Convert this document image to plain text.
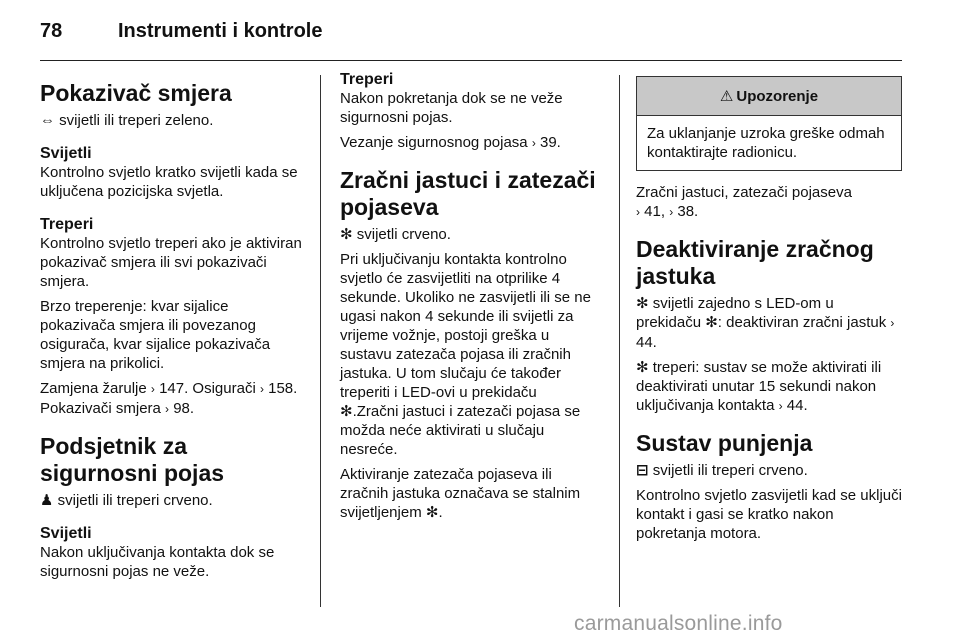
78	Instrumenti i kontrole
Pokazivač smjera

⇔ svijetli ili treperi zeleno.

Svijetli

Kontrolno svjetlo kratko svijetli kada se uključena pozicijska svjetla.

Treperi

Kontrolno svjetlo treperi ako je aktiviran pokazivač smjera ili svi pokazivači smjera.

Brzo treperenje: kvar sijalice pokazivača smjera ili povezanog osigurača, kvar sijalice pokazivača smjera na prikolici.

Zamjena žarulje › 147. Osigurači › 158. Pokazivači smjera › 98.

Podsjetnik za sigurnosni pojas

♟ svijetli ili treperi crveno.

Svijetli

Nakon uključivanja kontakta dok se sigurnosni pojas ne veže.

Treperi

Nakon pokretanja dok se ne veže sigurnosni pojas.

Vezanje sigurnosnog pojasa › 39.

Zračni jastuci i zatezači pojaseva

✻ svijetli crveno.

Pri uključivanju kontakta kontrolno svjetlo će zasvijetliti na otprilike 4 sekunde. Ukoliko ne zasvijetli ili se ne ugasi nakon 4 sekunde ili svijetli za vrijeme vožnje, postoji greška u sustavu zatezača pojasa ili zračnih jastuka. U tom slučaju će također treperiti i LED-ovi u prekidaču
✻.Zračni jastuci i zatezači pojasa se možda neće aktivirati u slučaju nesreće.

Aktiviranje zatezača pojaseva ili zračnih jastuka označava se stalnim svijetljenjem ✻.

⚠ Upozorenje
Za uklanjanje uzroka greške odmah kontaktirajte radionicu.

Zračni jastuci, zatezači pojaseva
› 41, › 38.

Deaktiviranje zračnog jastuka

✻ svijetli zajedno s LED-om u prekidaču ✻: deaktiviran zračni jastuk › 44.

✻ treperi: sustav se može aktivirati ili deaktivirati unutar 15 sekundi nakon uključivanja kontakta › 44.

Sustav punjenja

⊟ svijetli ili treperi crveno.

Kontrolno svjetlo zasvijetli kad se uključi kontakt i gasi se kratko nakon pokretanja motora.

carmanualsonline.info
